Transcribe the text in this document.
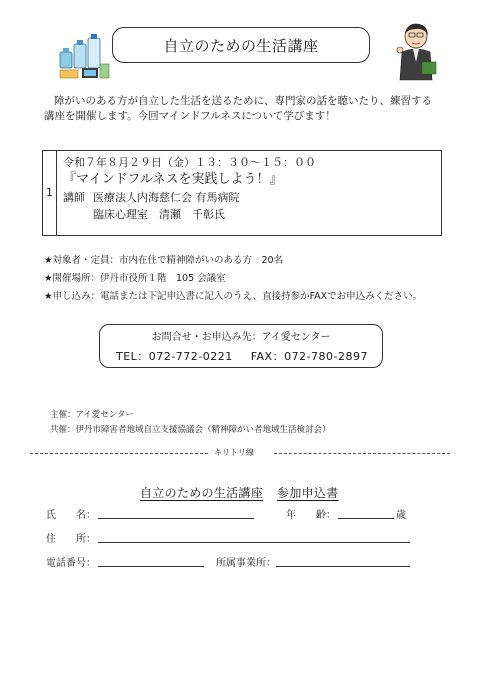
自立のための生活講座
障がいのある方が自立した生活を送るために、専門家の話を聴いたり、練習する
講座を開催します。今回マインドフルネスについて学びます！
1
令和７年８月２９日（金）１３：３０～１５：００
『マインドフルネスを実践しよう！』
講師 医療法人内海慈仁会 有馬病院
臨床心理室　清瀬　千彰氏
★対象者・定員：市内在住で精神障がいのある方　20名
★開催場所：伊丹市役所１階　105 会議室
★申し込み：電話または下記申込書に記入のうえ、直接持参かFAXでお申込みください。
お問合せ・お申込み先：アイ愛センター
TEL：072-772-0221 FAX：072-780-2897
主催：アイ愛センター
共催：伊丹市障害者地域自立支援協議会（精神障がい者地域生活検討会）
キリトリ線
自立のための生活講座 参加申込書
氏　　名：	年　　齢：	歳
住　　所：
電話番号：	所属事業所：
